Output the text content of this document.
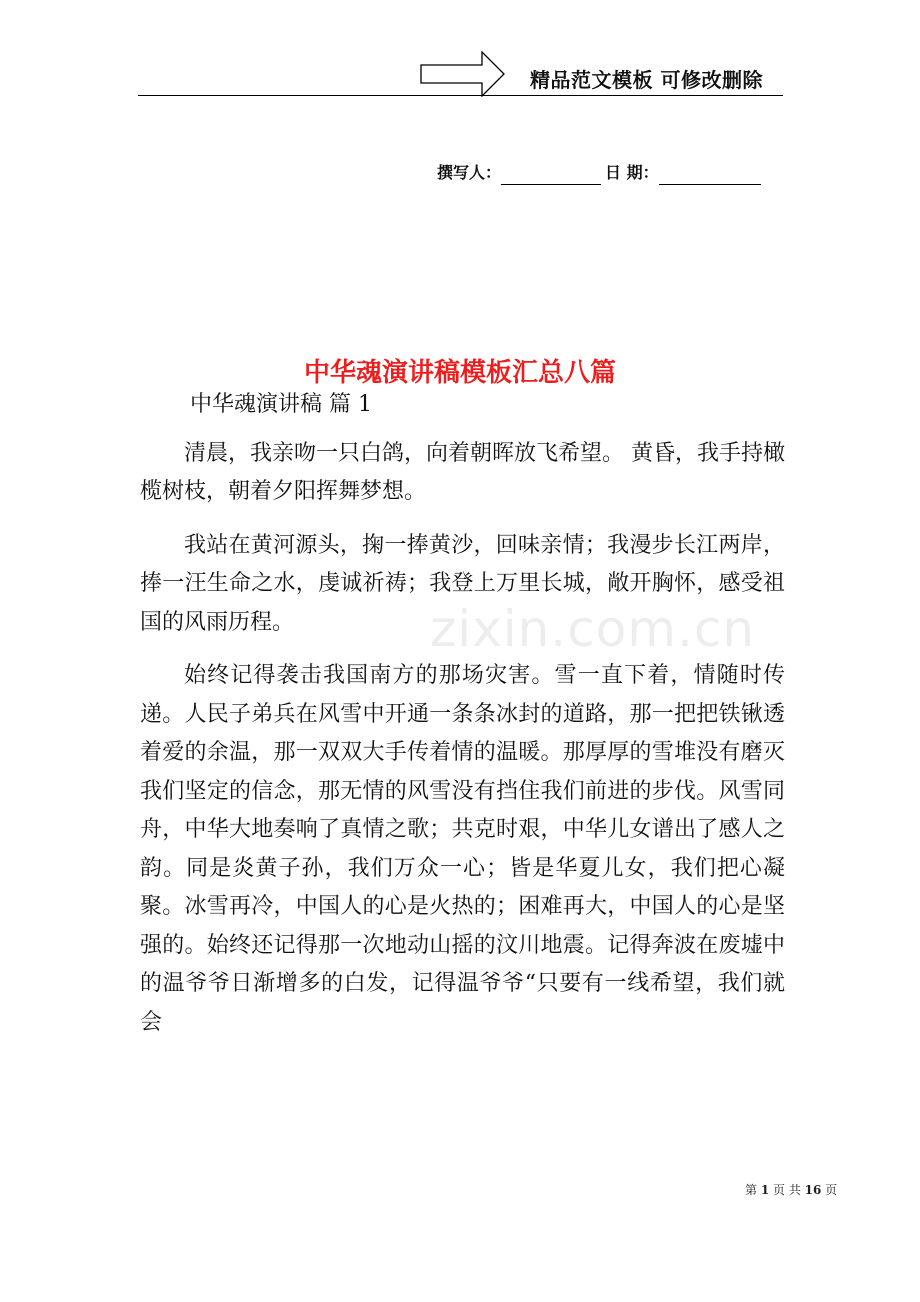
精品范文模板 可修改删除
撰写人：	日 期：
中华魂演讲稿模板汇总八篇
zixin.com.cn
中华魂演讲稿 篇 1

清晨，我亲吻一只白鸽，向着朝晖放飞希望。 黄昏，我手持橄榄树枝，朝着夕阳挥舞梦想。

我站在黄河源头，掬一捧黄沙，回味亲情；我漫步长江两岸，捧一汪生命之水，虔诚祈祷；我登上万里长城，敞开胸怀，感受祖国的风雨历程。

始终记得袭击我国南方的那场灾害。雪一直下着，情随时传递。人民子弟兵在风雪中开通一条条冰封的道路，那一把把铁锹透着爱的余温，那一双双大手传着情的温暖。那厚厚的雪堆没有磨灭我们坚定的信念，那无情的风雪没有挡住我们前进的步伐。风雪同舟，中华大地奏响了真情之歌；共克时艰，中华儿女谱出了感人之韵。同是炎黄子孙，我们万众一心；皆是华夏儿女，我们把心凝聚。冰雪再冷，中国人的心是火热的；困难再大，中国人的心是坚强的。始终还记得那一次地动山摇的汶川地震。记得奔波在废墟中的温爷爷日渐增多的白发，记得温爷爷“只要有一线希望，我们就会

第 1 页 共 16 页
